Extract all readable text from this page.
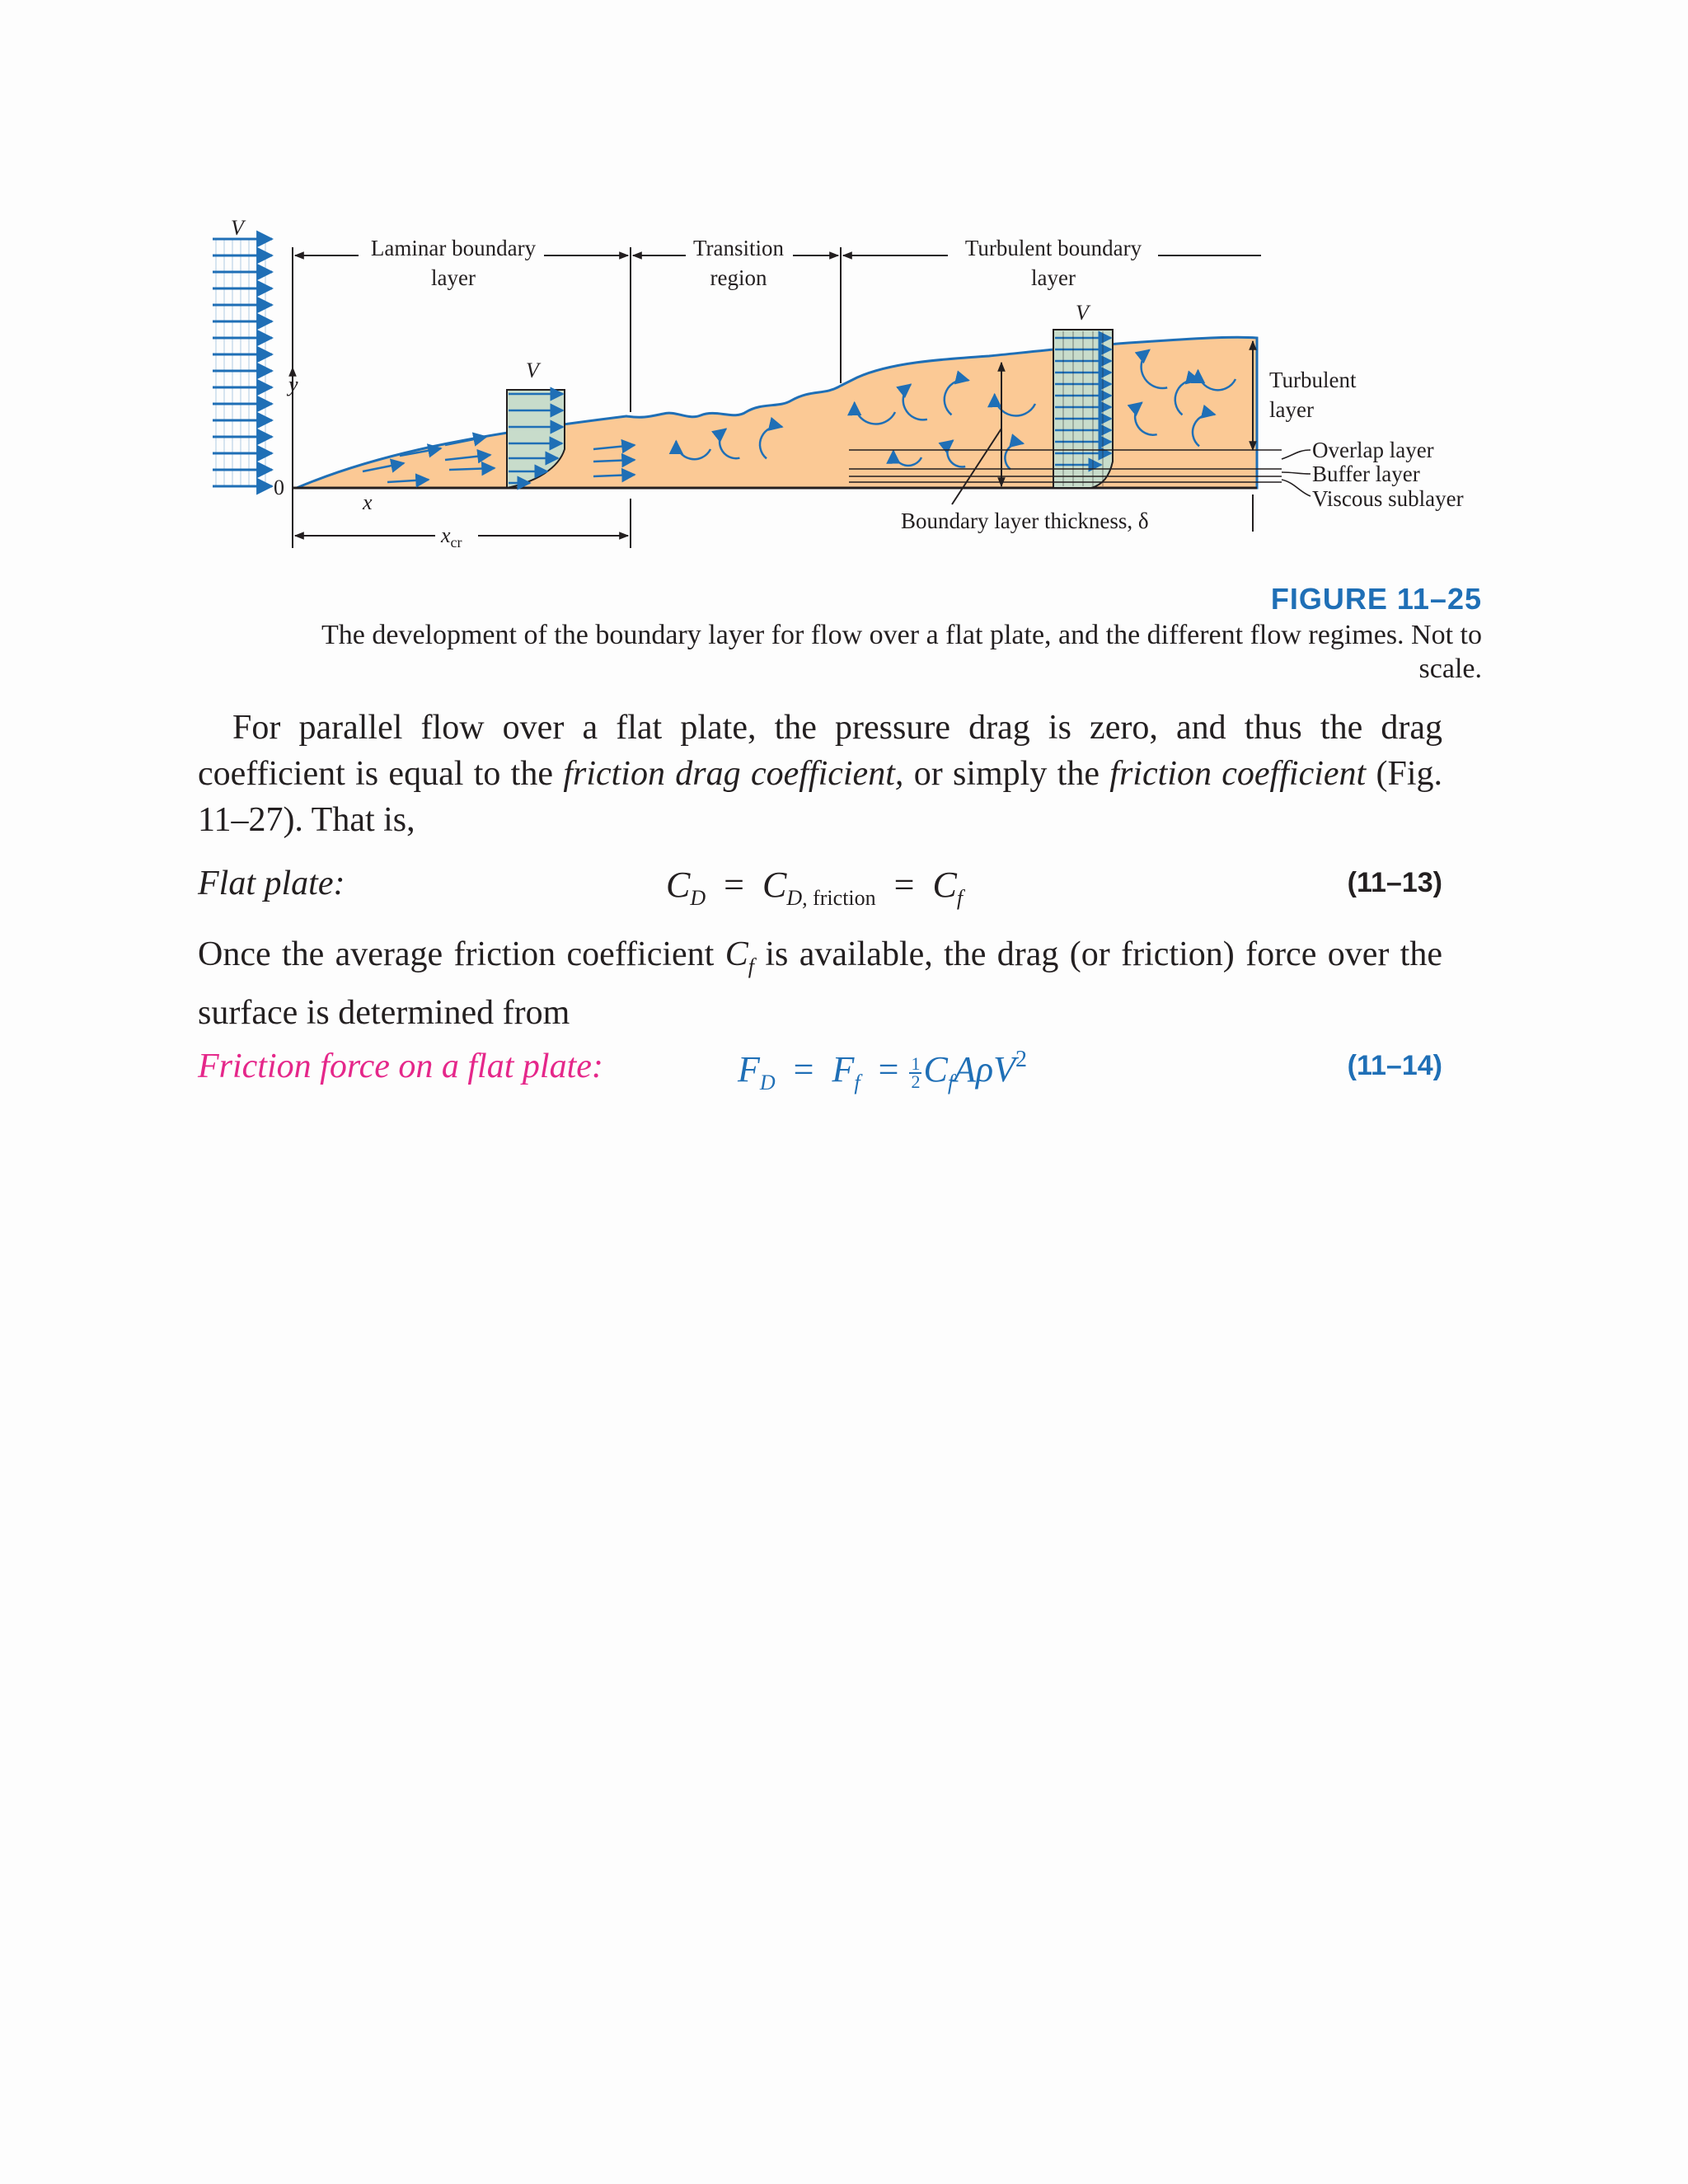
V
V
V
Laminar boundary
layer
Transition
region
Turbulent boundary
layer
y
0
x
$x_{cr}$
Turbulent
layer
Overlap layer
Buffer layer
Viscous sublayer
Boundary layer thickness, δ
FIGURE 11–25
The development of the boundary layer for flow over a flat plate, and the different flow regimes. Not to scale.
For parallel flow over a flat plate, the pressure drag is zero, and thus the drag coefficient is equal to the friction drag coefficient, or simply the friction coefficient (Fig. 11–27). That is,
Flat plate:	$C_D = C_{D, friction} = C_f$	(11–13)
Once the average friction coefficient $C_f$ is available, the drag (or friction) force over the surface is determined from
Friction force on a flat plate:	$F_D = F_f = \frac{1}{2} C_fA\rho V^2$	(11–14)
